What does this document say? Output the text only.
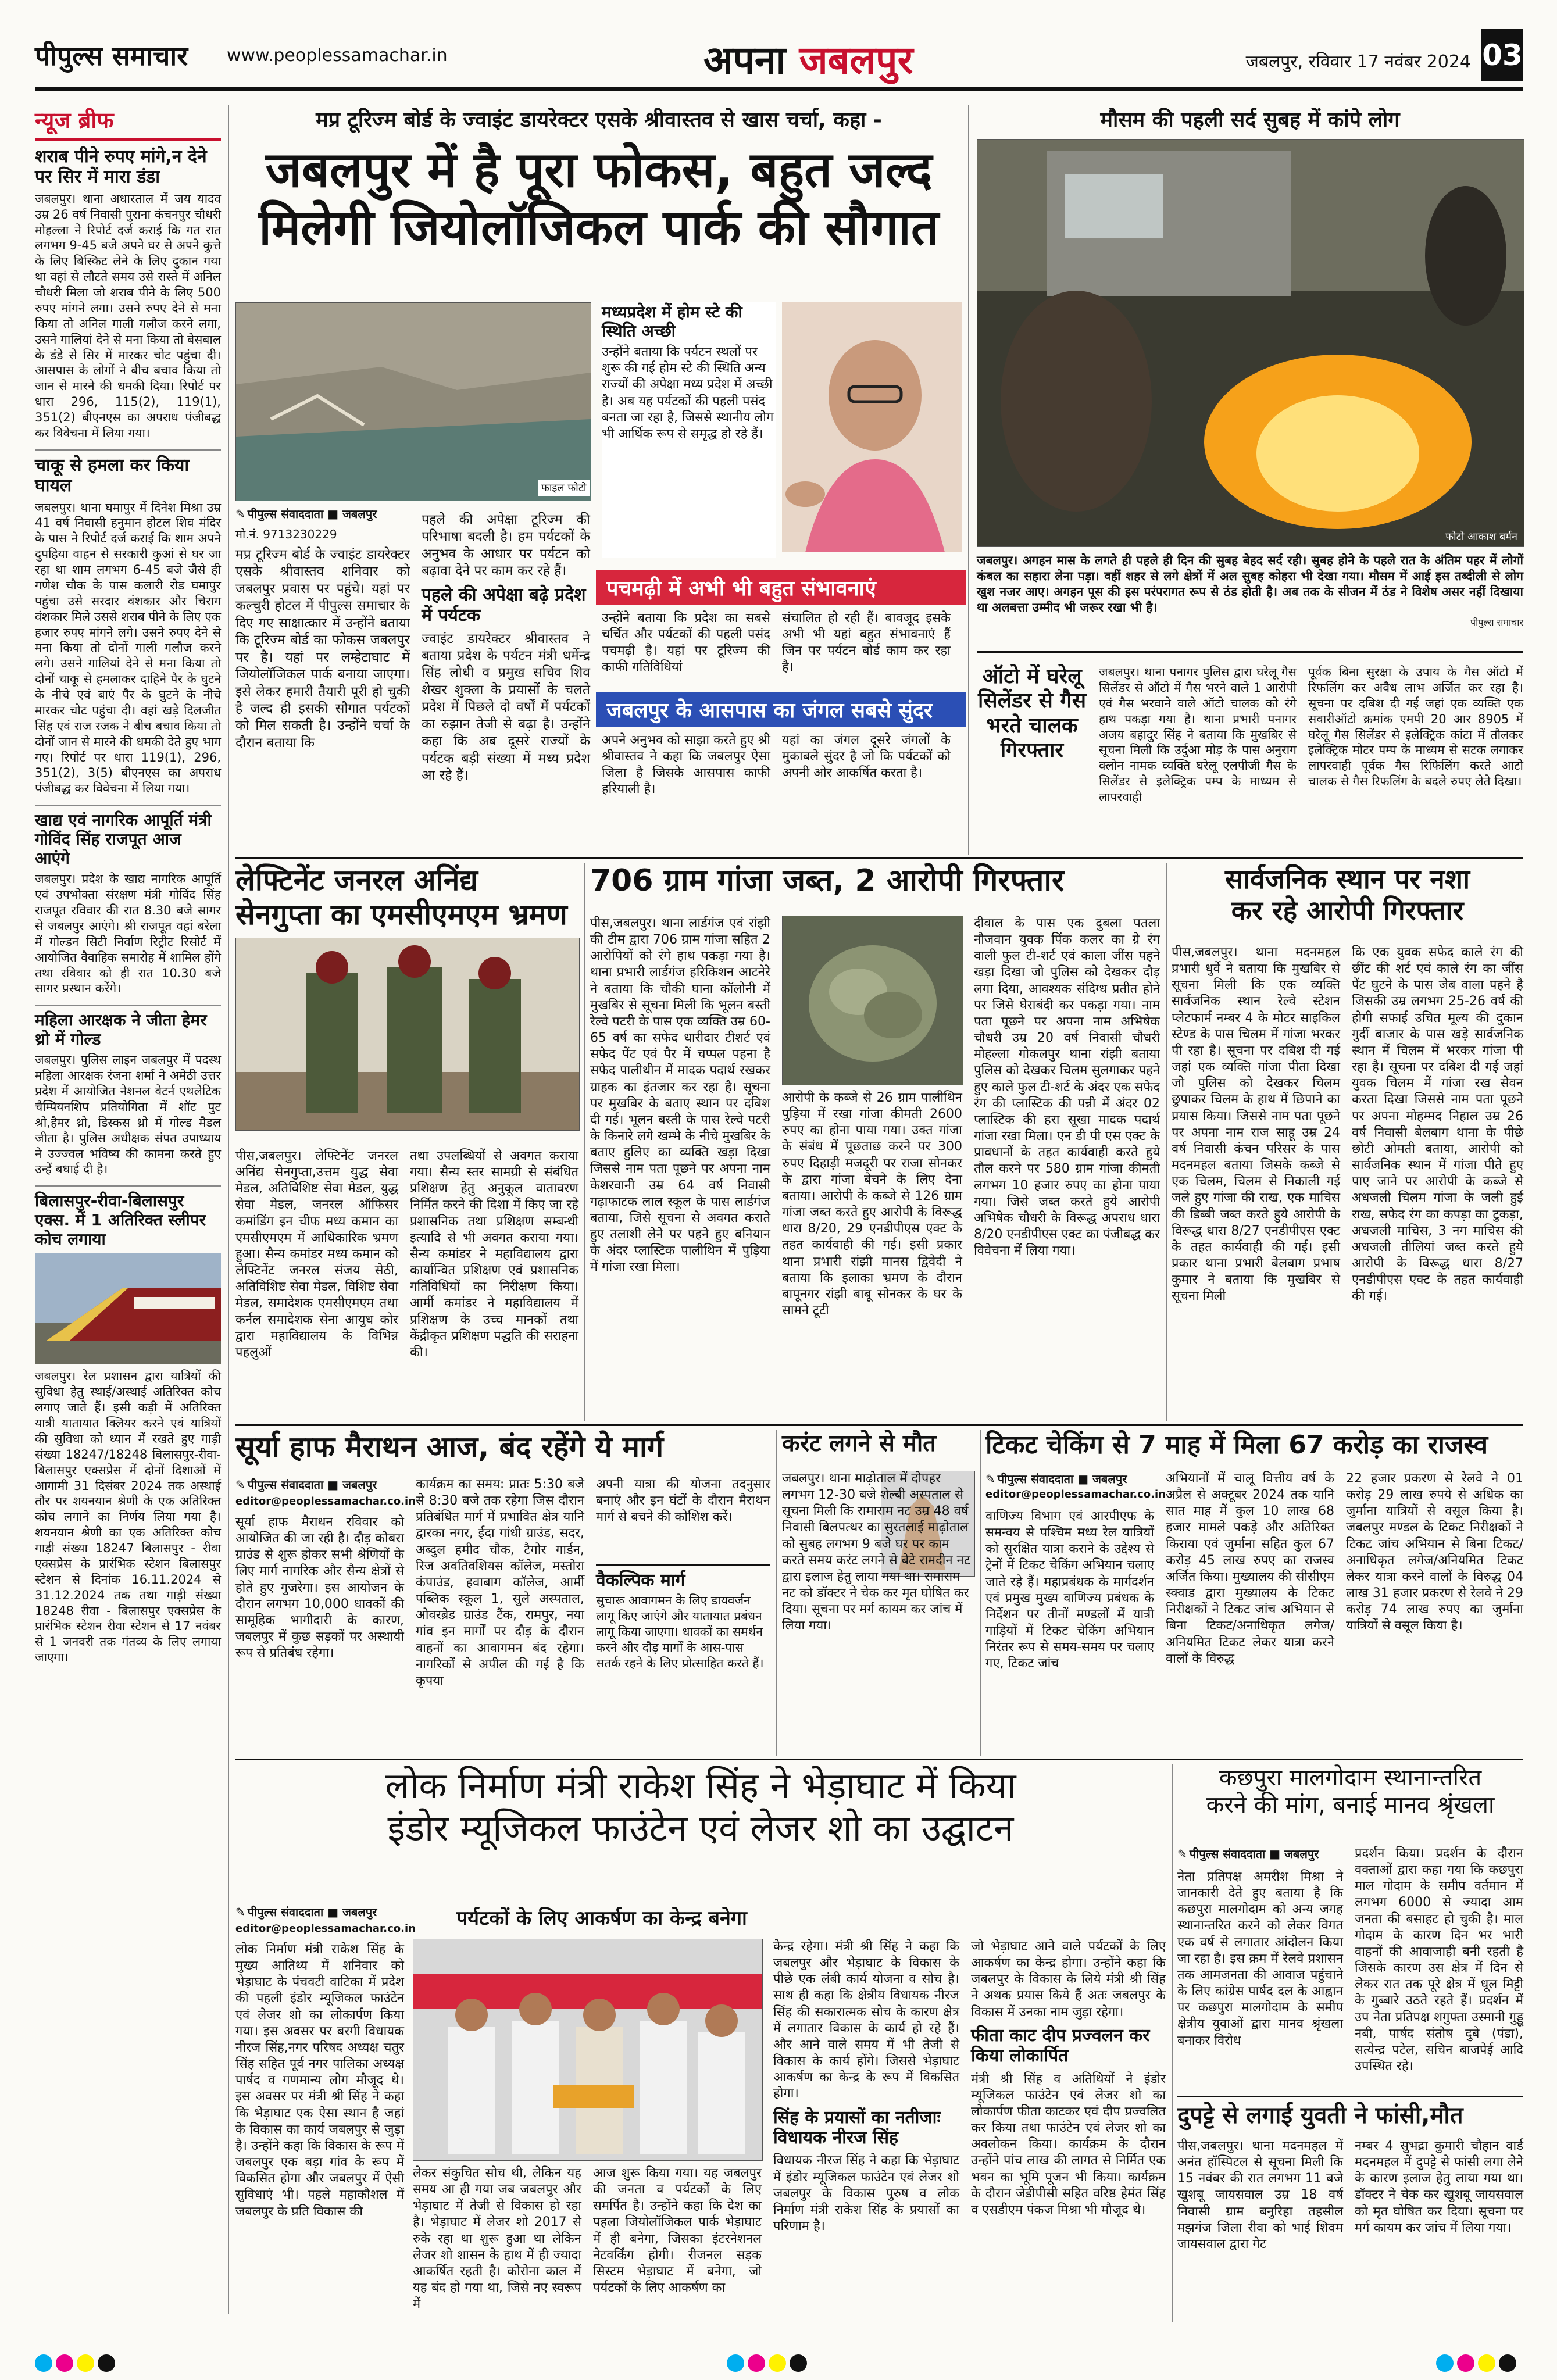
पीपुल्स समाचार www.peoplessamachar.in	अपना जबलपुर	जबलपुर, रविवार 17 नवंबर 2024 03
न्यूज ब्रीफ
शराब पीने रुपए मांगे,न देने पर सिर में मारा डंडा

जबलपुर। थाना अधारताल में जय यादव उम्र 26 वर्ष निवासी पुराना कंचनपुर चौधरी मोहल्ला ने रिपोर्ट दर्ज कराई कि गत रात लगभग 9-45 बजे अपने घर से अपने कुत्ते के लिए बिस्किट लेने के लिए दुकान गया था वहां से लौटते समय उसे रास्ते में अनिल चौधरी मिला जो शराब पीने के लिए 500 रुपए मांगने लगा। उसने रुपए देने से मना किया तो अनिल गाली गलौज करने लगा, उसने गालियां देने से मना किया तो बेसबाल के डंडे से सिर में मारकर चोट पहुंचा दी। आसपास के लोगों ने बीच बचाव किया तो जान से मारने की धमकी दिया। रिपोर्ट पर धारा 296, 115(2), 119(1), 351(2) बीएनएस का अपराध पंजीबद्ध कर विवेचना में लिया गया।

चाकू से हमला कर किया घायल

जबलपुर। थाना घमापुर में दिनेश मिश्रा उम्र 41 वर्ष निवासी हनुमान होटल शिव मंदिर के पास ने रिपोर्ट दर्ज कराई कि शाम अपने दुपहिया वाहन से सरकारी कुआं से घर जा रहा था शाम लगभग 6-45 बजे जैसे ही गणेश चौक के पास कलारी रोड घमापुर पहुंचा उसे सरदार वंशकार और चिराग वंशकार मिले उससे शराब पीने के लिए एक हजार रुपए मांगने लगे। उसने रुपए देने से मना किया तो दोनों गाली गलौज करने लगे। उसने गालियां देने से मना किया तो दोनों चाकू से हमलाकर दाहिने पैर के घुटने के नीचे एवं बाएं पैर के घुटने के नीचे मारकर चोट पहुंचा दी। वहां खड़े दिलजीत सिंह एवं राज रजक ने बीच बचाव किया तो दोनों जान से मारने की धमकी देते हुए भाग गए। रिपोर्ट पर धारा 119(1), 296, 351(2), 3(5) बीएनएस का अपराध पंजीबद्ध कर विवेचना में लिया गया।

खाद्य एवं नागरिक आपूर्ति मंत्री गोविंद सिंह राजपूत आज आएंगे

जबलपुर। प्रदेश के खाद्य नागरिक आपूर्ति एवं उपभोक्ता संरक्षण मंत्री गोविंद सिंह राजपूत रविवार की रात 8.30 बजे सागर से जबलपुर आएंगे। श्री राजपूत वहां बरेला में गोल्डन सिटी निर्वाण रिट्रीट रिसोर्ट में आयोजित वैवाहिक समारोह में शामिल होंगे तथा रविवार को ही रात 10.30 बजे सागर प्रस्थान करेंगे।

महिला आरक्षक ने जीता हेमर थ्रो में गोल्ड

जबलपुर। पुलिस लाइन जबलपुर में पदस्थ महिला आरक्षक रंजना शर्मा ने अमेठी उत्तर प्रदेश में आयोजित नेशनल वेटर्न एथलेटिक चैम्पियनशिप प्रतियोगिता में शॉट पुट श्रो,हैमर थ्रो, डिस्कस थ्रो में गोल्ड मैडल जीता है। पुलिस अधीक्षक संपत उपाध्याय ने उज्ज्वल भविष्य की कामना करते हुए उन्हें बधाई दी है।

बिलासपुर-रीवा-बिलासपुर एक्स. में 1 अतिरिक्त स्लीपर कोच लगाया

जबलपुर। रेल प्रशासन द्वारा यात्रियों की सुविधा हेतु स्थाई/अस्थाई अतिरिक्त कोच लगाए जाते हैं। इसी कड़ी में अतिरिक्त यात्री यातायात क्लियर करने एवं यात्रियों की सुविधा को ध्यान में रखते हुए गाड़ी संख्या 18247/18248 बिलासपुर-रीवा-बिलासपुर एक्सप्रेस में दोनों दिशाओं में आगामी 31 दिसंबर 2024 तक अस्थाई तौर पर शयनयान श्रेणी के एक अतिरिक्त कोच लगाने का निर्णय लिया गया है। शयनयान श्रेणी का एक अतिरिक्त कोच गाड़ी संख्या 18247 बिलासपुर - रीवा एक्सप्रेस के प्रारंभिक स्टेशन बिलासपुर स्टेशन से दिनांक 16.11.2024 से 31.12.2024 तक तथा गाड़ी संख्या 18248 रीवा - बिलासपुर एक्सप्रेस के प्रारंभिक स्टेशन रीवा स्टेशन से 17 नवंबर से 1 जनवरी तक गंतव्य के लिए लगाया जाएगा।

मप्र टूरिज्म बोर्ड के ज्वाइंट डायरेक्टर एसके श्रीवास्तव से खास चर्चा, कहा -
जबलपुर में है पूरा फोकस, बहुत जल्द
मिलेगी जियोलॉजिकल पार्क की सौगात
फाइल फोटो
✎ पीपुल्स संवाददाता ■ जबलपुर
मो.नं. 9713230229

मप्र टूरिज्म बोर्ड के ज्वाइंट डायरेक्टर एसके श्रीवास्तव शनिवार को जबलपुर प्रवास पर पहुंचे। यहां पर कल्चुरी होटल में पीपुल्स समाचार के दिए गए साक्षात्कार में उन्होंने बताया कि टूरिज्म बोर्ड का फोकस जबलपुर पर है। यहां पर लम्हेटाघाट में जियोलॉजिकल पार्क बनाया जाएगा। इसे लेकर हमारी तैयारी पूरी हो चुकी है जल्द ही इसकी सौगात पर्यटकों को मिल सकती है। उन्होंने चर्चा के दौरान बताया कि

पहले की अपेक्षा टूरिज्म की परिभाषा बदली है। हम पर्यटकों के अनुभव के आधार पर पर्यटन को बढ़ावा देने पर काम कर रहे हैं।

पहले की अपेक्षा बढ़े प्रदेश में पर्यटक

ज्वाइंट डायरेक्टर श्रीवास्तव ने बताया प्रदेश के पर्यटन मंत्री धर्मेन्द्र सिंह लोधी व प्रमुख सचिव शिव शेखर शुक्ला के प्रयासों के चलते प्रदेश में पिछले दो वर्षों में पर्यटकों का रुझान तेजी से बढ़ा है। उन्होंने कहा कि अब दूसरे राज्यों के पर्यटक बड़ी संख्या में मध्य प्रदेश आ रहे हैं।

मध्यप्रदेश में होम स्टे की स्थिति अच्छी

उन्होंने बताया कि पर्यटन स्थलों पर शुरू की गई होम स्टे की स्थिति अन्य राज्यों की अपेक्षा मध्य प्रदेश में अच्छी है। अब यह पर्यटकों की पहली पसंद बनता जा रहा है, जिससे स्थानीय लोग भी आर्थिक रूप से समृद्ध हो रहे हैं।

पचमढ़ी में अभी भी बहुत संभावनाएं

उन्होंने बताया कि प्रदेश का सबसे चर्चित और पर्यटकों की पहली पसंद पचमढ़ी है। यहां पर टूरिज्म की काफी गतिविधियां

संचालित हो रही हैं। बावजूद इसके अभी भी यहां बहुत संभावनाएं हैं जिन पर पर्यटन बोर्ड काम कर रहा है।

जबलपुर के आसपास का जंगल सबसे सुंदर

अपने अनुभव को साझा करते हुए श्री श्रीवास्तव ने कहा कि जबलपुर ऐसा जिला है जिसके आसपास काफी हरियाली है।

यहां का जंगल दूसरे जंगलों के मुकाबले सुंदर है जो कि पर्यटकों को अपनी ओर आकर्षित करता है।

मौसम की पहली सर्द सुबह में कांपे लोग
फोटो आकाश बर्मन

जबलपुर। अगहन मास के लगते ही पहले ही दिन की सुबह बेहद सर्द रही। सुबह होने के पहले रात के अंतिम पहर में लोगों कंबल का सहारा लेना पड़ा। वहीं शहर से लगे क्षेत्रों में अल सुबह कोहरा भी देखा गया। मौसम में आई इस तब्दीली से लोग खुश नजर आए। अगहन पूस की इस परंपरागत रूप से ठंड होती है। अब तक के सीजन में ठंड ने विशेष असर नहीं दिखाया था अलबत्ता उम्मीद भी जरूर रखा भी है।

पीपुल्स समाचार
ऑटो में घरेलू सिलेंडर से गैस भरते चालक गिरफ्तार

जबलपुर। थाना पनागर पुलिस द्वारा घरेलू गैस सिलेंडर से ऑटो में गैस भरने वाले 1 आरोपी एवं गैस भरवाने वाले ऑटो चालक को रंगे हाथ पकड़ा गया है। थाना प्रभारी पनागर अजय बहादुर सिंह ने बताया कि मुखबिर से सूचना मिली कि उर्दुआ मोड़ के पास अनुराग क्लोन नामक व्यक्ति घरेलू एलपीजी गैस के सिलेंडर से इलेक्ट्रिक पम्प के माध्यम से लापरवाही

पूर्वक बिना सुरक्षा के उपाय के गैस ऑटो में रिफलिंग कर अवैध लाभ अर्जित कर रहा है। सूचना पर दबिश दी गई जहां एक व्यक्ति एक सवारीऑटो क्रमांक एमपी 20 आर 8905 में घरेलू गैस सिलेंडर से इलेक्ट्रिक कांटा में तौलकर इलेक्ट्रिक मोटर पम्प के माध्यम से सटक लगाकर लापरवाही पूर्वक गैस रिफिलिंग करते आटो चालक से गैस रिफलिंग के बदले रुपए लेते दिखा।

लेफ्टिनेंट जनरल अनिंद्य
सेनगुप्ता का एमसीएमएम भ्रमण

पीस,जबलपुर। लेफ्टिनेंट जनरल अनिंद्य सेनगुप्ता,उत्तम युद्ध सेवा मेडल, अतिविशिष्ट सेवा मेडल, युद्ध सेवा मेडल, जनरल ऑफिसर कमांडिंग इन चीफ मध्य कमान का एमसीएमएम में आधिकारिक भ्रमण हुआ। सैन्य कमांडर मध्य कमान को लेफ्टिनेंट जनरल संजय सेठी, अतिविशिष्ट सेवा मेडल, विशिष्ट सेवा मेडल, समादेशक एमसीएमएम तथा कर्नल समादेशक सेना आयुध कोर द्वारा महाविद्यालय के विभिन्न पहलुओं

तथा उपलब्धियों से अवगत कराया गया। सैन्य स्तर सामग्री से संबंधित प्रशिक्षण हेतु अनुकूल वातावरण निर्मित करने की दिशा में किए जा रहे प्रशासनिक तथा प्रशिक्षण सम्बन्धी इत्यादि से भी अवगत कराया गया। सैन्य कमांडर ने महाविद्यालय द्वारा कार्यान्वित प्रशिक्षण एवं प्रशासनिक गतिविधियों का निरीक्षण किया। आर्मी कमांडर ने महाविद्यालय में प्रशिक्षण के उच्च मानकों तथा केंद्रीकृत प्रशिक्षण पद्धति की सराहना की।

706 ग्राम गांजा जब्त, 2 आरोपी गिरफ्तार

पीस,जबलपुर। थाना लार्डगंज एवं रांझी की टीम द्वारा 706 ग्राम गांजा सहित 2 आरोपियों को रंगे हाथ पकड़ा गया है। थाना प्रभारी लार्डगंज हरिकिशन आटनेरे ने बताया कि चौकी घाना कॉलोनी में मुखबिर से सूचना मिली कि भूलन बस्ती रेल्वे पटरी के पास एक व्यक्ति उम्र 60-65 वर्ष का सफेद धारीदार टीशर्ट एवं सफेद पेंट एवं पैर में चप्पल पहना है सफेद पालीथीन में मादक पदार्थ रखकर ग्राहक का इंतजार कर रहा है। सूचना पर मुखबिर के बताए स्थान पर दबिश दी गई। भूलन बस्ती के पास रेल्वे पटरी के किनारे लगे खम्भे के नीचे मुखबिर के बताए हुलिए का व्यक्ति खड़ा दिखा जिससे नाम पता पूछने पर अपना नाम केशरवानी उम्र 64 वर्ष निवासी गढ़ाफाटक लाल स्कूल के पास लार्डगंज बताया, जिसे सूचना से अवगत कराते हुए तलाशी लेने पर पहने हुए बनियान के अंदर प्लास्टिक पालीथिन में पुड़िया में गांजा रखा मिला।

आरोपी के कब्जे से 26 ग्राम पालीथिन पुड़िया में रखा गांजा कीमती 2600 रुपए का होना पाया गया। उक्त गांजा के संबंध में पूछताछ करने पर 300 रुपए दिहाड़ी मजदूरी पर राजा सोनकर के द्वारा गांजा बेचने के लिए देना बताया। आरोपी के कब्जे से 126 ग्राम गांजा जब्त करते हुए आरोपी के विरूद्ध धारा 8/20, 29 एनडीपीएस एक्ट के तहत कार्यवाही की गई। इसी प्रकार थाना प्रभारी रांझी मानस द्विवेदी ने बताया कि इलाका भ्रमण के दौरान बापूनगर रांझी बाबू सोनकर के घर के सामने टूटी

दीवाल के पास एक दुबला पतला नौजवान युवक पिंक कलर का ग्रे रंग वाली फुल टी-शर्ट एवं काला जींस पहने खड़ा दिखा जो पुलिस को देखकर दौड़ लगा दिया, आवश्यक संदिग्ध प्रतीत होने पर जिसे घेराबंदी कर पकड़ा गया। नाम पता पूछने पर अपना नाम अभिषेक चौधरी उम्र 20 वर्ष निवासी चौधरी मोहल्ला गोकलपुर थाना रांझी बताया पुलिस को देखकर चिलम सुलगाकर पहने हुए काले फुल टी-शर्ट के अंदर एक सफेद रंग की प्लास्टिक की पन्नी में अंदर 02 प्लास्टिक की हरा सूखा मादक पदार्थ गांजा रखा मिला। एन डी पी एस एक्ट के प्रावधानों के तहत कार्यवाही करते हुये तौल करने पर 580 ग्राम गांजा कीमती लगभग 10 हजार रुपए का होना पाया गया। जिसे जब्त करते हुये आरोपी अभिषेक चौधरी के विरूद्ध अपराध धारा 8/20 एनडीपीएस एक्ट का पंजीबद्ध कर विवेचना में लिया गया।

सार्वजनिक स्थान पर नशा
कर रहे आरोपी गिरफ्तार

पीस,जबलपुर। थाना मदनमहल प्रभारी धुर्वे ने बताया कि मुखबिर से सूचना मिली कि एक व्यक्ति सार्वजनिक स्थान रेल्वे स्टेशन प्लेटफार्म नम्बर 4 के मोटर साइकिल स्टेण्ड के पास चिलम में गांजा भरकर पी रहा है। सूचना पर दबिश दी गई जहां एक व्यक्ति गांजा पीता दिखा जो पुलिस को देखकर चिलम छुपाकर चिलम के हाथ में छिपाने का प्रयास किया। जिससे नाम पता पूछने पर अपना नाम राज साहू उम्र 24 वर्ष निवासी कंचन परिसर के पास मदनमहल बताया जिसके कब्जे से एक चिलम, चिलम से निकाली गई जले हुए गांजा की राख, एक माचिस की डिब्बी जब्त करते हुये आरोपी के विरूद्ध धारा 8/27 एनडीपीएस एक्ट के तहत कार्यवाही की गई। इसी प्रकार थाना प्रभारी बेलबाग प्रभाष कुमार ने बताया कि मुखबिर से सूचना मिली

कि एक युवक सफेद काले रंग की छींट की शर्ट एवं काले रंग का जींस पेंट घुटने के पास जेब वाला पहने है जिसकी उम्र लगभग 25-26 वर्ष की होगी सफाई उचित मूल्य की दुकान गुर्दी बाजार के पास खड़े सार्वजनिक स्थान में चिलम में भरकर गांजा पी रहा है। सूचना पर दबिश दी गई जहां युवक चिलम में गांजा रख सेवन करता दिखा जिससे नाम पता पूछने पर अपना मोहम्मद निहाल उम्र 26 वर्ष निवासी बेलबाग थाना के पीछे छोटी ओमती बताया, आरोपी को सार्वजनिक स्थान में गांजा पीते हुए पाए जाने पर आरोपी के कब्जे से अधजली चिलम गांजा के जली हुई राख, सफेद रंग का कपड़ा का टुकड़ा, अधजली माचिस, 3 नग माचिस की अधजली तीलियां जब्त करते हुये आरोपी के विरूद्ध धारा 8/27 एनडीपीएस एक्ट के तहत कार्यवाही की गई।

सूर्या हाफ मैराथन आज, बंद रहेंगे ये मार्ग
✎ पीपुल्स संवाददाता ■ जबलपुर
editor@peoplessamachar.co.in

सूर्या हाफ मैराथन रविवार को आयोजित की जा रही है। दौड़ कोबरा ग्राउंड से शुरू होकर सभी श्रेणियों के लिए मार्ग नागरिक और सैन्य क्षेत्रों से होते हुए गुजरेगा। इस आयोजन के दौरान लगभग 10,000 धावकों की सामूहिक भागीदारी के कारण, जबलपुर में कुछ सड़कों पर अस्थायी रूप से प्रतिबंध रहेगा।

कार्यक्रम का समय: प्रातः 5:30 बजे से 8:30 बजे तक रहेगा जिस दौरान प्रतिबंधित मार्ग में प्रभावित क्षेत्र यानि द्वारका नगर, ईदा गांधी ग्राउंड, सदर, अब्दुल हमीद चौक, टैगोर गार्डन, रिज अवतिवशियस कॉलेज, मस्तोरा कंपाउंड, हवाबाग कॉलेज, आर्मी पब्लिक स्कूल 1, सुले अस्पताल, ओवरब्रेड ग्राउंड टैंक, रामपुर, नया गांव इन मार्गों पर दौड़ के दौरान वाहनों का आवागमन बंद रहेगा। नागरिकों से अपील की गई है कि कृपया

अपनी यात्रा की योजना तदनुसार बनाएं और इन घंटों के दौरान मैराथन मार्ग से बचने की कोशिश करें।

वैकल्पिक मार्ग

सुचारू आवागमन के लिए डायवर्जन लागू किए जाएंगे और यातायात प्रबंधन लागू किया जाएगा। धावकों का समर्थन करने और दौड़ मार्गों के आस-पास सतर्क रहने के लिए प्रोत्साहित करते हैं।

करंट लगने से मौत

जबलपुर। थाना माढ़ोताल में दोपहर लगभग 12-30 बजे शेल्बी अस्पताल से सूचना मिली कि रामाराम नट उम्र 48 वर्ष निवासी बिलपत्थर का सुरतलाई माढ़ोताल को सुबह लगभग 9 बजे घर पर काम करते समय करंट लगने से बेटे रामदीन नट द्वारा इलाज हेतु लाया गया था। रामाराम नट को डॉक्टर ने चेक कर मृत घोषित कर दिया। सूचना पर मर्ग कायम कर जांच में लिया गया।

टिकट चेकिंग से 7 माह में मिला 67 करोड़ का राजस्व
✎ पीपुल्स संवाददाता ■ जबलपुर
editor@peoplessamachar.co.in

वाणिज्य विभाग एवं आरपीएफ के समन्वय से पश्चिम मध्य रेल यात्रियों को सुरक्षित यात्रा कराने के उद्देश्य से ट्रेनों में टिकट चेकिंग अभियान चलाए जाते रहे हैं। महाप्रबंधक के मार्गदर्शन एवं प्रमुख मुख्य वाणिज्य प्रबंधक के निर्देशन पर तीनों मण्डलों में यात्री गाड़ियों में टिकट चेकिंग अभियान निरंतर रूप से समय-समय पर चलाए गए, टिकट जांच

अभियानों में चालू वित्तीय वर्ष के अप्रैल से अक्टूबर 2024 तक यानि सात माह में कुल 10 लाख 68 हजार मामले पकड़े और अतिरिक्त किराया एवं जुर्माना सहित कुल 67 करोड़ 45 लाख रुपए का राजस्व अर्जित किया। मुख्यालय की सीसीएम स्क्वाड द्वारा मुख्यालय के टिकट निरीक्षकों ने टिकट जांच अभियान से बिना टिकट/अनाधिकृत लगेज/अनियमित टिकट लेकर यात्रा करने वालों के विरुद्ध

22 हजार प्रकरण से रेलवे ने 01 करोड़ 29 लाख रुपये से अधिक का जुर्माना यात्रियों से वसूल किया है। जबलपुर मण्डल के टिकट निरीक्षकों ने टिकट जांच अभियान से बिना टिकट/अनाधिकृत लगेज/अनियमित टिकट लेकर यात्रा करने वालों के विरुद्ध 04 लाख 31 हजार प्रकरण से रेलवे ने 29 करोड़ 74 लाख रुपए का जुर्माना यात्रियों से वसूल किया है।

लोक निर्माण मंत्री राकेश सिंह ने भेड़ाघाट में किया
इंडोर म्यूजिकल फाउंटेन एवं लेजर शो का उद्घाटन
✎ पीपुल्स संवाददाता ■ जबलपुर
editor@peoplessamachar.co.in पर्यटकों के लिए आकर्षण का केन्द्र बनेगा

लोक निर्माण मंत्री राकेश सिंह के मुख्य आतिथ्य में शनिवार को भेड़ाघाट के पंचवटी वाटिका में प्रदेश की पहली इंडोर म्यूजिकल फाउंटेन एवं लेजर शो का लोकार्पण किया गया। इस अवसर पर बरगी विधायक नीरज सिंह,नगर परिषद अध्यक्ष चतुर सिंह सहित पूर्व नगर पालिका अध्यक्ष पार्षद व गणमान्य लोग मौजूद थे। इस अवसर पर मंत्री श्री सिंह ने कहा कि भेड़ाघाट एक ऐसा स्थान है जहां के विकास का कार्य जबलपुर से जुड़ा है। उन्होंने कहा कि विकास के रूप में जबलपुर एक बड़ा गांव के रूप में विकसित होगा और जबलपुर में ऐसी सुविधाएं भी। पहले महाकौशल में जबलपुर के प्रति विकास की

लेकर संकुचित सोच थी, लेकिन यह समय आ ही गया जब जबलपुर और भेड़ाघाट में तेजी से विकास हो रहा है। भेड़ाघाट में लेजर शो 2017 से रुके रहा था शुरू हुआ था लेकिन लेजर शो शासन के हाथ में ही ज्यादा आकर्षित रहती है। कोरोना काल में यह बंद हो गया था, जिसे नए स्वरूप में

आज शुरू किया गया। यह जबलपुर की जनता व पर्यटकों के लिए समर्पित है। उन्होंने कहा कि देश का पहला जियोलॉजिकल पार्क भेड़ाघाट में ही बनेगा, जिसका इंटरनेशनल नेटवर्किंग होगी। रीजनल सड़क सिस्टम भेड़ाघाट में बनेगा, जो पर्यटकों के लिए आकर्षण का

केन्द्र रहेगा। मंत्री श्री सिंह ने कहा कि जबलपुर और भेड़ाघाट के विकास के पीछे एक लंबी कार्य योजना व सोच है। साथ ही कहा कि क्षेत्रीय विधायक नीरज सिंह की सकारात्मक सोच के कारण क्षेत्र में लगातार विकास के कार्य हो रहे हैं। और आने वाले समय में भी तेजी से विकास के कार्य होंगे। जिससे भेड़ाघाट आकर्षण का केन्द्र के रूप में विकसित होगा।

सिंह के प्रयासों का नतीजाः विधायक नीरज सिंह

विधायक नीरज सिंह ने कहा कि भेड़ाघाट में इंडोर म्यूजिकल फाउंटेन एवं लेजर शो जबलपुर के विकास पुरुष व लोक निर्माण मंत्री राकेश सिंह के प्रयासों का परिणाम है।

जो भेड़ाघाट आने वाले पर्यटकों के लिए आकर्षण का केन्द्र होगा। उन्होंने कहा कि जबलपुर के विकास के लिये मंत्री श्री सिंह ने अथक प्रयास किये हैं अतः जबलपुर के विकास में उनका नाम जुड़ा रहेगा।

फीता काट दीप प्रज्वलन कर किया लोकार्पित

मंत्री श्री सिंह व अतिथियों ने इंडोर म्यूजिकल फाउंटेन एवं लेजर शो का लोकार्पण फीता काटकर एवं दीप प्रज्वलित कर किया तथा फाउंटेन एवं लेजर शो का अवलोकन किया। कार्यक्रम के दौरान उन्होंने पांच लाख की लागत से निर्मित एक भवन का भूमि पूजन भी किया। कार्यक्रम के दौरान जेडीपीसी सहित वरिष्ठ हेमंत सिंह व एसडीएम पंकज मिश्रा भी मौजूद थे।

कछपुरा मालगोदाम स्थानान्तरित
करने की मांग, बनाई मानव श्रृंखला
✎ पीपुल्स संवाददाता ■ जबलपुर

नेता प्रतिपक्ष अमरीश मिश्रा ने जानकारी देते हुए बताया है कि कछपुरा मालगोदाम को अन्य जगह स्थानान्तरित करने को लेकर विगत एक वर्ष से लगातार आंदोलन किया जा रहा है। इस क्रम में रेलवे प्रशासन तक आमजनता की आवाज पहुंचाने के लिए कांग्रेस पार्षद दल के आह्वान पर कछपुरा मालगोदाम के समीप क्षेत्रीय युवाओं द्वारा मानव श्रृंखला बनाकर विरोध

प्रदर्शन किया। प्रदर्शन के दौरान वक्ताओं द्वारा कहा गया कि कछपुरा माल गोदाम के समीप वर्तमान में लगभग 6000 से ज्यादा आम जनता की बसाहट हो चुकी है। माल गोदाम के कारण दिन भर भारी वाहनों की आवाजाही बनी रहती है जिसके कारण उस क्षेत्र में दिन से लेकर रात तक पूरे क्षेत्र में धूल मिट्टी के गुब्बारे उठते रहते हैं। प्रदर्शन में उप नेता प्रतिपक्ष शगुफ्ता उस्मानी गुड्डू नबी, पार्षद संतोष दुबे (पंडा), सत्येन्द्र पटेल, सचिन बाजपेई आदि उपस्थित रहे।

दुपट्टे से लगाई युवती ने फांसी,मौत

पीस,जबलपुर। थाना मदनमहल में अनंत हॉस्पिटल से सूचना मिली कि 15 नवंबर की रात लगभग 11 बजे खुशबू जायसवाल उम्र 18 वर्ष निवासी ग्राम बनुरिहा तहसील मझगंज जिला रीवा को भाई शिवम जायसवाल द्वारा गेट

नम्बर 4 सुभद्रा कुमारी चौहान वार्ड मदनमहल में दुपट्टे से फांसी लगा लेने के कारण इलाज हेतु लाया गया था। डॉक्टर ने चेक कर खुशबू जायसवाल को मृत घोषित कर दिया। सूचना पर मर्ग कायम कर जांच में लिया गया।
